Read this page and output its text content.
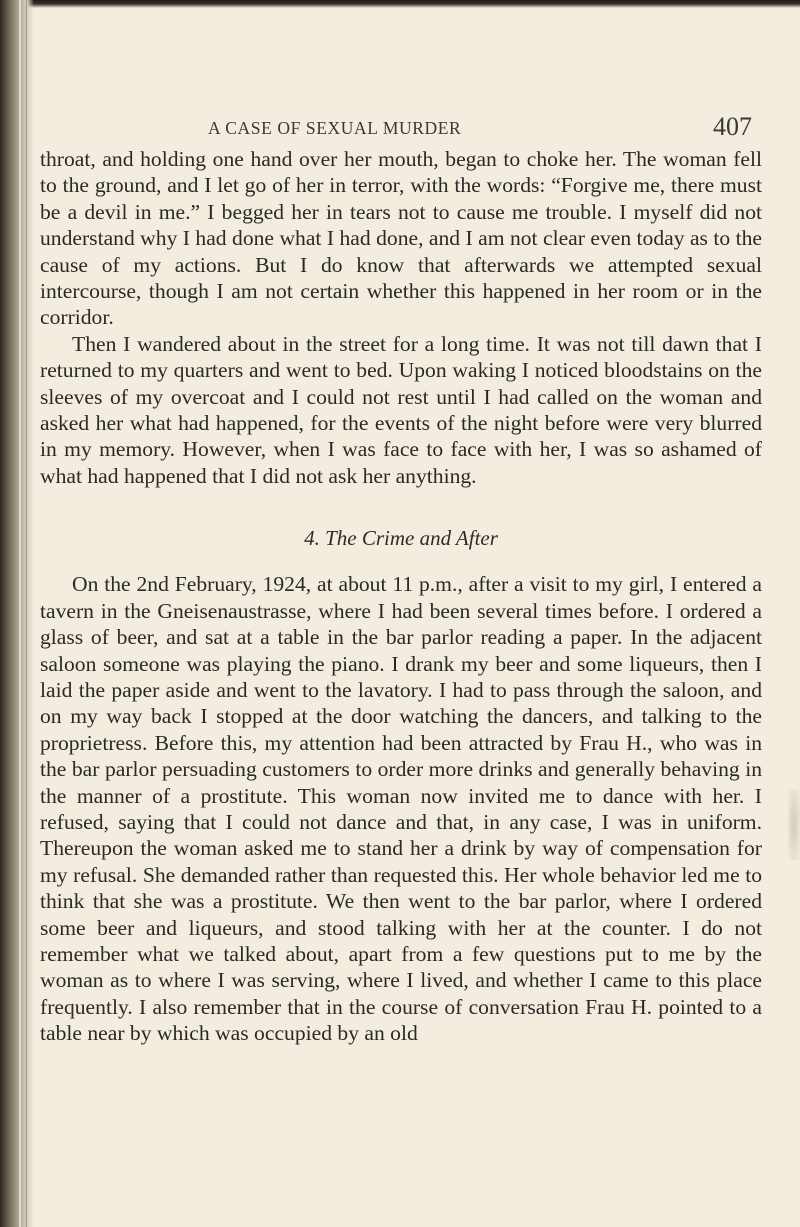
A CASE OF SEXUAL MURDER	407

throat, and holding one hand over her mouth, began to choke her. The woman fell to the ground, and I let go of her in terror, with the words: “Forgive me, there must be a devil in me.” I begged her in tears not to cause me trouble. I myself did not understand why I had done what I had done, and I am not clear even today as to the cause of my actions. But I do know that afterwards we attempted sexual intercourse, though I am not certain whether this happened in her room or in the corridor.

Then I wandered about in the street for a long time. It was not till dawn that I returned to my quarters and went to bed. Upon waking I noticed bloodstains on the sleeves of my overcoat and I could not rest until I had called on the woman and asked her what had happened, for the events of the night before were very blurred in my memory. However, when I was face to face with her, I was so ashamed of what had happened that I did not ask her anything.

4. The Crime and After

On the 2nd February, 1924, at about 11 p.m., after a visit to my girl, I entered a tavern in the Gneisenaustrasse, where I had been several times before. I ordered a glass of beer, and sat at a table in the bar parlor reading a paper. In the adjacent saloon someone was playing the piano. I drank my beer and some liqueurs, then I laid the paper aside and went to the lavatory. I had to pass through the saloon, and on my way back I stopped at the door watching the dancers, and talking to the proprietress. Before this, my attention had been attracted by Frau H., who was in the bar parlor persuading customers to order more drinks and generally behaving in the manner of a prostitute. This woman now invited me to dance with her. I refused, saying that I could not dance and that, in any case, I was in uniform. Thereupon the woman asked me to stand her a drink by way of compensation for my refusal. She demanded rather than requested this. Her whole behavior led me to think that she was a prostitute. We then went to the bar parlor, where I ordered some beer and liqueurs, and stood talking with her at the counter. I do not remember what we talked about, apart from a few questions put to me by the woman as to where I was serving, where I lived, and whether I came to this place frequently. I also remember that in the course of conversation Frau H. pointed to a table near by which was occupied by an old
